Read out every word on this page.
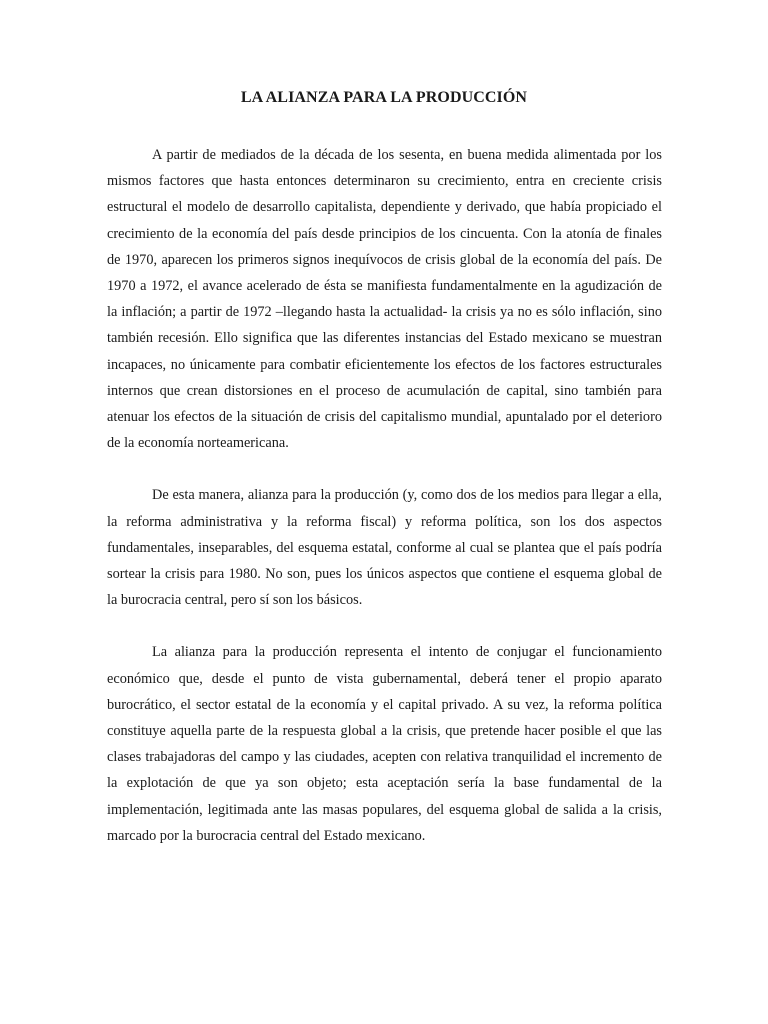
LA ALIANZA PARA LA PRODUCCIÓN

A partir de mediados de la década de los sesenta, en buena medida alimentada por los mismos factores que hasta entonces determinaron su crecimiento, entra en creciente crisis estructural el modelo de desarrollo capitalista, dependiente y derivado, que había propiciado el crecimiento de la economía del país desde principios de los cincuenta. Con la atonía de finales de 1970, aparecen los primeros signos inequívocos de crisis global de la economía del país. De 1970 a 1972, el avance acelerado de ésta se manifiesta fundamentalmente en la agudización de la inflación; a partir de 1972 –llegando hasta la actualidad- la crisis ya no es sólo inflación, sino también recesión. Ello significa que las diferentes instancias del Estado mexicano se muestran incapaces, no únicamente para combatir eficientemente los efectos de los factores estructurales internos que crean distorsiones en el proceso de acumulación de capital, sino también para atenuar los efectos de la situación de crisis del capitalismo mundial, apuntalado por el deterioro de la economía norteamericana.

De esta manera, alianza para la producción (y, como dos de los medios para llegar a ella, la reforma administrativa y la reforma fiscal) y reforma política, son los dos aspectos fundamentales, inseparables, del esquema estatal, conforme al cual se plantea que el país podría sortear la crisis para 1980. No son, pues los únicos aspectos que contiene el esquema global de la burocracia central, pero sí son los básicos.

La alianza para la producción representa el intento de conjugar el funcionamiento económico que, desde el punto de vista gubernamental, deberá tener el propio aparato burocrático, el sector estatal de la economía y el capital privado. A su vez, la reforma política constituye aquella parte de la respuesta global a la crisis, que pretende hacer posible el que las clases trabajadoras del campo y las ciudades, acepten con relativa tranquilidad el incremento de la explotación de que ya son objeto; esta aceptación sería la base fundamental de la implementación, legitimada ante las masas populares, del esquema global de salida a la crisis, marcado por la burocracia central del Estado mexicano.
